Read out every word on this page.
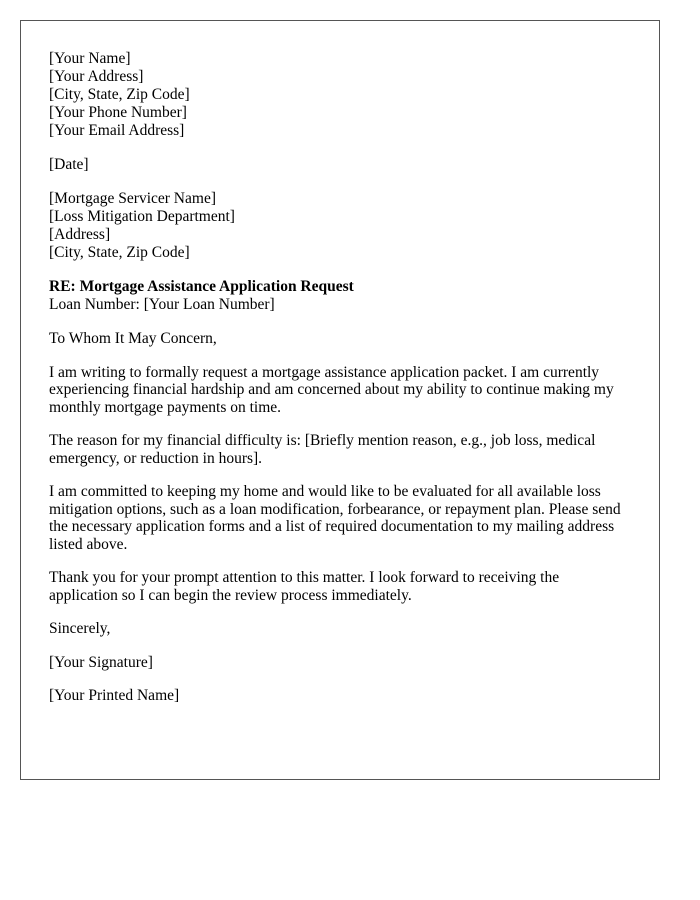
[Your Name]
[Your Address]
[City, State, Zip Code]
[Your Phone Number]
[Your Email Address]
[Date]
[Mortgage Servicer Name]
[Loss Mitigation Department]
[Address]
[City, State, Zip Code]
RE: Mortgage Assistance Application Request
Loan Number: [Your Loan Number]

To Whom It May Concern,

I am writing to formally request a mortgage assistance application packet. I am currently experiencing financial hardship and am concerned about my ability to continue making my monthly mortgage payments on time.

The reason for my financial difficulty is: [Briefly mention reason, e.g., job loss, medical emergency, or reduction in hours].

I am committed to keeping my home and would like to be evaluated for all available loss mitigation options, such as a loan modification, forbearance, or repayment plan. Please send the necessary application forms and a list of required documentation to my mailing address listed above.

Thank you for your prompt attention to this matter. I look forward to receiving the application so I can begin the review process immediately.

Sincerely,

[Your Signature]

[Your Printed Name]
